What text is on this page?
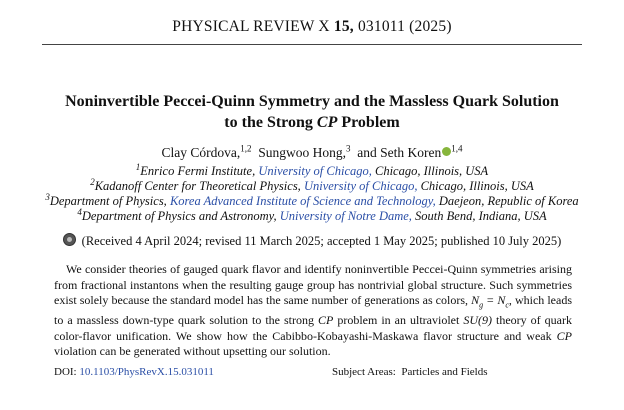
PHYSICAL REVIEW X 15, 031011 (2025)
Noninvertible Peccei-Quinn Symmetry and the Massless Quark Solution
to the Strong CP Problem
Clay Córdova,$^{1,2}$ Sungwoo Hong,$^3$ and Seth Koren $^{1,4}$
$^1$Enrico Fermi Institute, University of Chicago, Chicago, Illinois, USA
$^2$Kadanoff Center for Theoretical Physics, University of Chicago, Chicago, Illinois, USA
$^3$Department of Physics, Korea Advanced Institute of Science and Technology, Daejeon, Republic of Korea
$^4$Department of Physics and Astronomy, University of Notre Dame, South Bend, Indiana, USA
(Received 4 April 2024; revised 11 March 2025; accepted 1 May 2025; published 10 July 2025)
We consider theories of gauged quark flavor and identify noninvertible Peccei-Quinn symmetries arising from fractional instantons when the resulting gauge group has nontrivial global structure. Such symmetries exist solely because the standard model has the same number of generations as colors, $N_g = N_c$, which leads to a massless down-type quark solution to the strong CP problem in an ultraviolet SU(9) theory of quark color-flavor unification. We show how the Cabibbo-Kobayashi-Maskawa flavor structure and weak CP violation can be generated without upsetting our solution.
DOI: 10.1103/PhysRevX.15.031011	Subject Areas: Particles and Fields
